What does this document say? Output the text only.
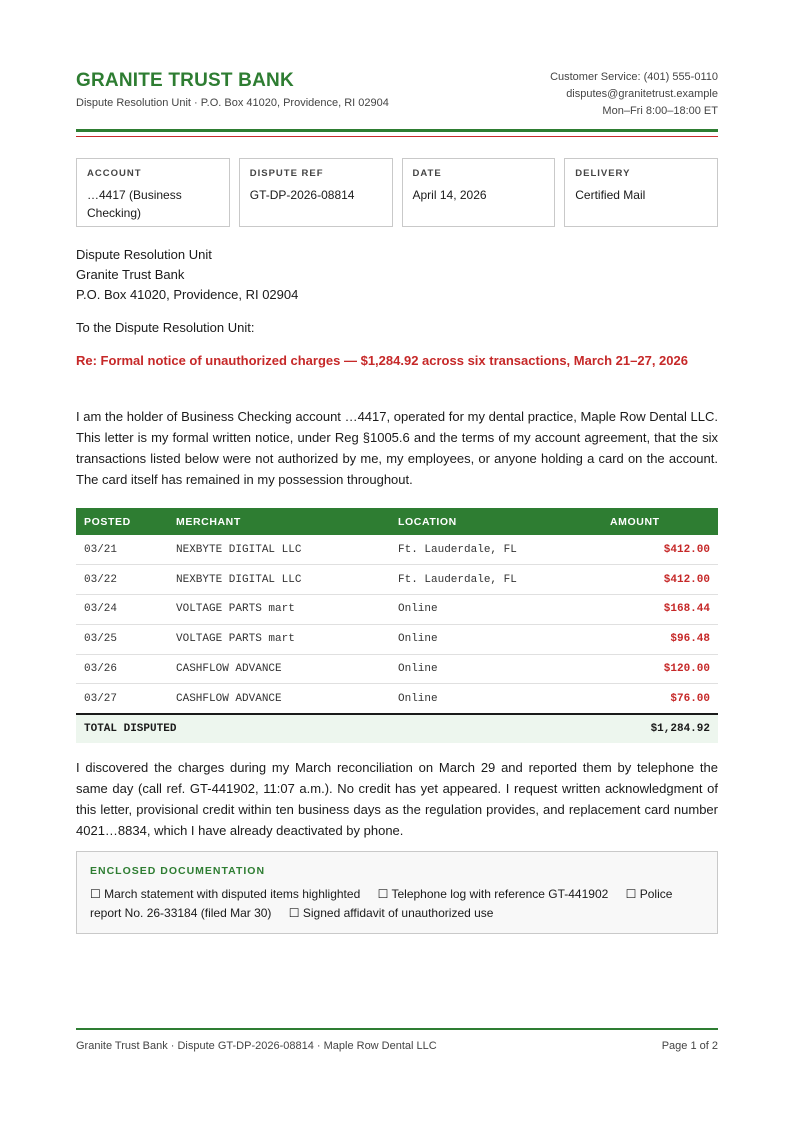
GRANITE TRUST BANK
Dispute Resolution Unit · P.O. Box 41020, Providence, RI 02904
Customer Service: (401) 555-0110
disputes@granitetrust.example
Mon–Fri 8:00–18:00 ET
ACCOUNT
…4417 (Business Checking)
DISPUTE REF
GT-DP-2026-08814
DATE
April 14, 2026
DELIVERY
Certified Mail
Dispute Resolution Unit
Granite Trust Bank
P.O. Box 41020, Providence, RI 02904
To the Dispute Resolution Unit:
Re: Formal notice of unauthorized charges — $1,284.92 across six transactions, March 21–27, 2026
I am the holder of Business Checking account …4417, operated for my dental practice, Maple Row Dental LLC. This letter is my formal written notice, under Reg §1005.6 and the terms of my account agreement, that the six transactions listed below were not authorized by me, my employees, or anyone holding a card on the account. The card itself has remained in my possession throughout.
POSTED	MERCHANT	LOCATION	AMOUNT
03/21	NEXBYTE DIGITAL LLC	Ft. Lauderdale, FL	$412.00
03/22	NEXBYTE DIGITAL LLC	Ft. Lauderdale, FL	$412.00
03/24	VOLTAGE PARTS mart	Online	$168.44
03/25	VOLTAGE PARTS mart	Online	$96.48
03/26	CASHFLOW ADVANCE	Online	$120.00
03/27	CASHFLOW ADVANCE	Online	$76.00
TOTAL DISPUTED			$1,284.92
I discovered the charges during my March reconciliation on March 29 and reported them by telephone the same day (call ref. GT-441902, 11:07 a.m.). No credit has yet appeared. I request written acknowledgment of this letter, provisional credit within ten business days as the regulation provides, and replacement card number 4021…8834, which I have already deactivated by phone.
ENCLOSED DOCUMENTATION
☐ March statement with disputed items highlighted ☐ Telephone log with reference GT-441902 ☐ Police report No. 26-33184 (filed Mar 30) ☐ Signed affidavit of unauthorized use
Granite Trust Bank · Dispute GT-DP-2026-08814 · Maple Row Dental LLC	Page 1 of 2
